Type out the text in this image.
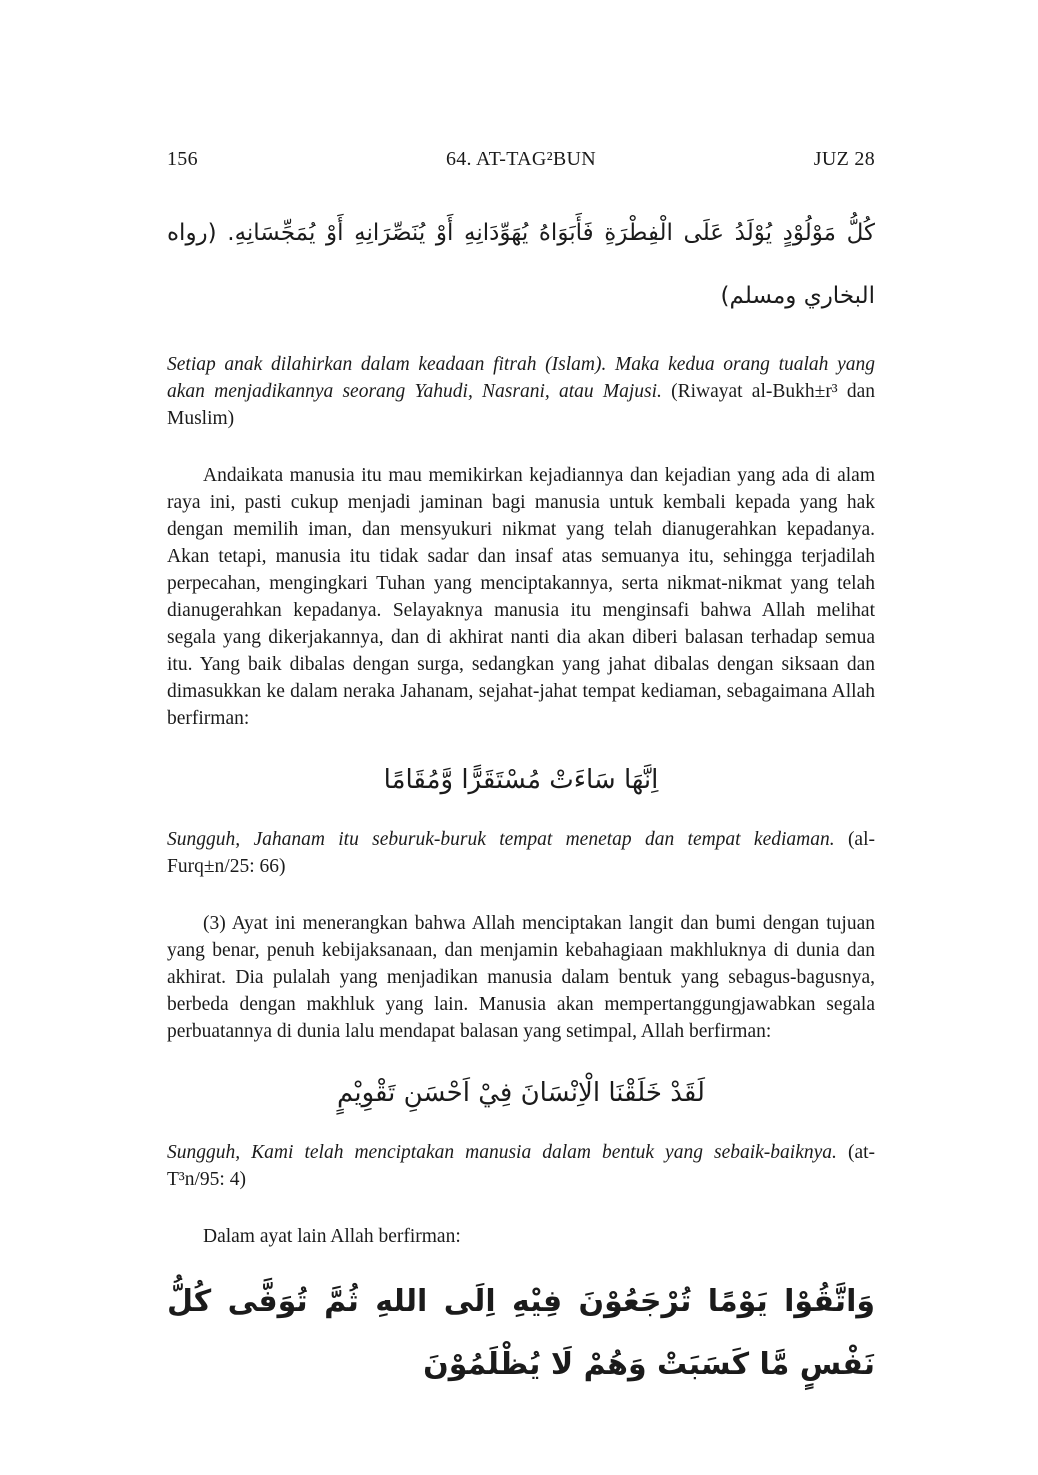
156	64. AT-TAG²BUN	JUZ 28

كُلُّ مَوْلُوْدٍ يُوْلَدُ عَلَى الْفِطْرَةِ فَأَبَوَاهُ يُهَوِّدَانِهِ أَوْ يُنَصِّرَانِهِ أَوْ يُمَجِّسَانِهِ. (رواه البخاري ومسلم)

Setiap anak dilahirkan dalam keadaan fitrah (Islam). Maka kedua orang tualah yang akan menjadikannya seorang Yahudi, Nasrani, atau Majusi. (Riwayat al-Bukh±r³ dan Muslim)

Andaikata manusia itu mau memikirkan kejadiannya dan kejadian yang ada di alam raya ini, pasti cukup menjadi jaminan bagi manusia untuk kembali kepada yang hak dengan memilih iman, dan mensyukuri nikmat yang telah dianugerahkan kepadanya. Akan tetapi, manusia itu tidak sadar dan insaf atas semuanya itu, sehingga terjadilah perpecahan, mengingkari Tuhan yang menciptakannya, serta nikmat-nikmat yang telah dianugerahkan kepadanya. Selayaknya manusia itu menginsafi bahwa Allah melihat segala yang dikerjakannya, dan di akhirat nanti dia akan diberi balasan terhadap semua itu. Yang baik dibalas dengan surga, sedangkan yang jahat dibalas dengan siksaan dan dimasukkan ke dalam neraka Jahanam, sejahat-jahat tempat kediaman, sebagaimana Allah berfirman:

اِنَّهَا سَاءَتْ مُسْتَقَرًّا وَّمُقَامًا

Sungguh, Jahanam itu seburuk-buruk tempat menetap dan tempat kediaman. (al-Furq±n/25: 66)

(3) Ayat ini menerangkan bahwa Allah menciptakan langit dan bumi dengan tujuan yang benar, penuh kebijaksanaan, dan menjamin kebahagiaan makhluknya di dunia dan akhirat. Dia pulalah yang menjadikan manusia dalam bentuk yang sebagus-bagusnya, berbeda dengan makhluk yang lain. Manusia akan mempertanggungjawabkan segala perbuatannya di dunia lalu mendapat balasan yang setimpal, Allah berfirman:

لَقَدْ خَلَقْنَا الْاِنْسَانَ فِيْ اَحْسَنِ تَقْوِيْمٍ

Sungguh, Kami telah menciptakan manusia dalam bentuk yang sebaik-baiknya. (at-T³n/95: 4)

Dalam ayat lain Allah berfirman:

وَاتَّقُوْا يَوْمًا تُرْجَعُوْنَ فِيْهِ اِلَى اللهِ ثُمَّ تُوَفَّى كُلُّ نَفْسٍ مَّا كَسَبَتْ وَهُمْ لَا يُظْلَمُوْنَ
